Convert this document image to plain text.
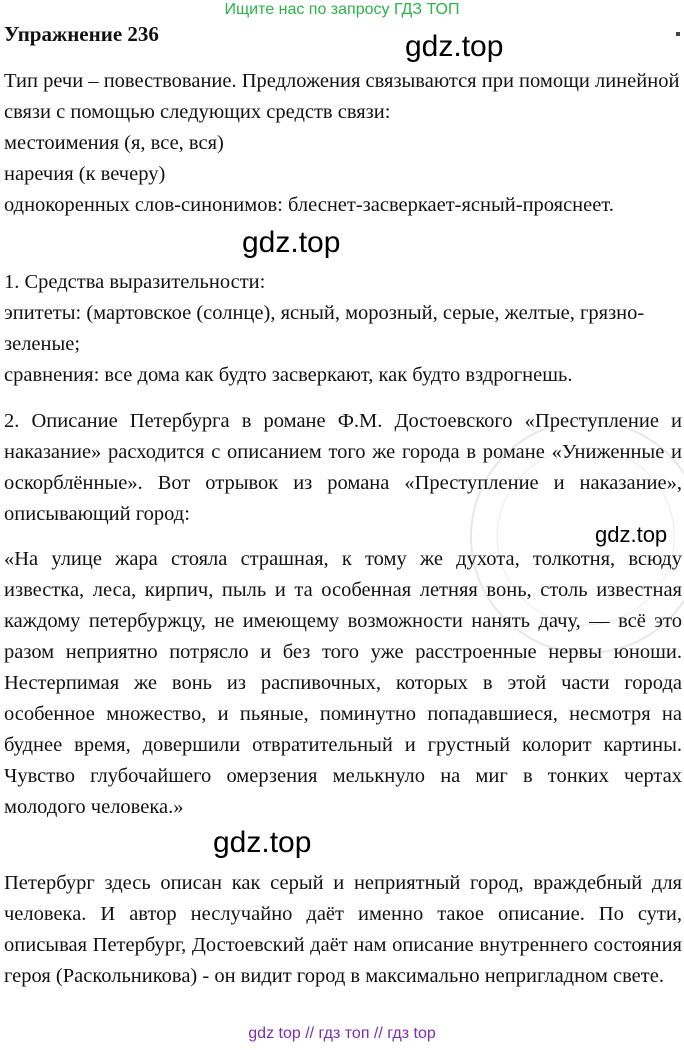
Ищите нас по запросу ГДЗ ТОП
Упражнение 236	gdz.top
gdz.top
gdz.top
gdz.top

Тип речи – повествование. Предложения связываются при помощи линейной связи с помощью следующих средств связи:

местоимения (я, все, вся)

наречия (к вечеру)

однокоренных слов-синонимов: блеснет-засверкает-ясный-прояснеет.

1. Средства выразительности:

эпитеты: (мартовское (солнце), ясный, морозный, серые, желтые, грязно-зеленые;

сравнения: все дома как будто засверкают, как будто вздрогнешь.

2. Описание Петербурга в романе Ф.М. Достоевского «Преступление и наказание» расходится с описанием того же города в романе «Униженные и оскорблённые». Вот отрывок из романа «Преступление и наказание», описывающий город:
«На улице жара стояла страшная, к тому же духота, толкотня, всюду известка, леса, кирпич, пыль и та особенная летняя вонь, столь известная каждому петербуржцу, не имеющему возможности нанять дачу, — всё это разом неприятно потрясло и без того уже расстроенные нервы юноши. Нестерпимая же вонь из распивочных, которых в этой части города особенное множество, и пьяные, поминутно попадавшиеся, несмотря на буднее время, довершили отвратительный и грустный колорит картины. Чувство глубочайшего омерзения мелькнуло на миг в тонких чертах молодого человека.»
Петербург здесь описан как серый и неприятный город, враждебный для человека. И автор неслучайно даёт именно такое описание. По сути, описывая Петербург, Достоевский даёт нам описание внутреннего состояния героя (Раскольникова) - он видит город в максимально непригладном свете.
gdz top // гдз топ // гдз top
